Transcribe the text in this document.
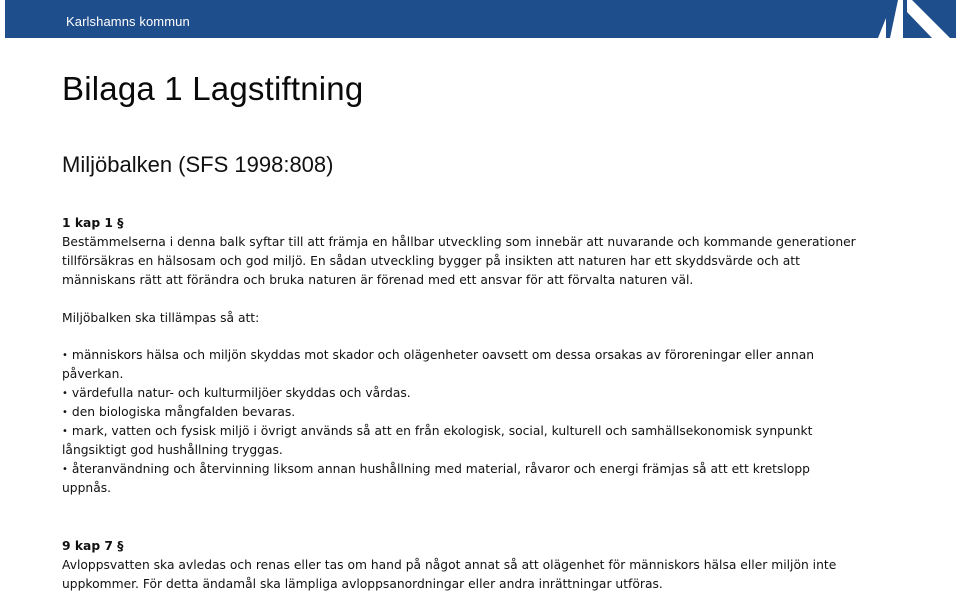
Karlshamns kommun
Bilaga 1 Lagstiftning
Miljöbalken (SFS 1998:808)
1 kap 1 §
Bestämmelserna i denna balk syftar till att främja en hållbar utveckling som innebär att nuvarande och kommande generationer tillförsäkras en hälsosam och god miljö. En sådan utveckling bygger på insikten att naturen har ett skyddsvärde och att människans rätt att förändra och bruka naturen är förenad med ett ansvar för att förvalta naturen väl.
Miljöbalken ska tillämpas så att:
• människors hälsa och miljön skyddas mot skador och olägenheter oavsett om dessa orsakas av föroreningar eller annan påverkan.
• värdefulla natur- och kulturmiljöer skyddas och vårdas.
• den biologiska mångfalden bevaras.
• mark, vatten och fysisk miljö i övrigt används så att en från ekologisk, social, kulturell och samhällsekonomisk synpunkt långsiktigt god hushållning tryggas.
• återanvändning och återvinning liksom annan hushållning med material, råvaror och energi främjas så att ett kretslopp uppnås.
9 kap 7 §
Avloppsvatten ska avledas och renas eller tas om hand på något annat så att olägenhet för människors hälsa eller miljön inte uppkommer. För detta ändamål ska lämpliga avloppsanordningar eller andra inrättningar utföras.
